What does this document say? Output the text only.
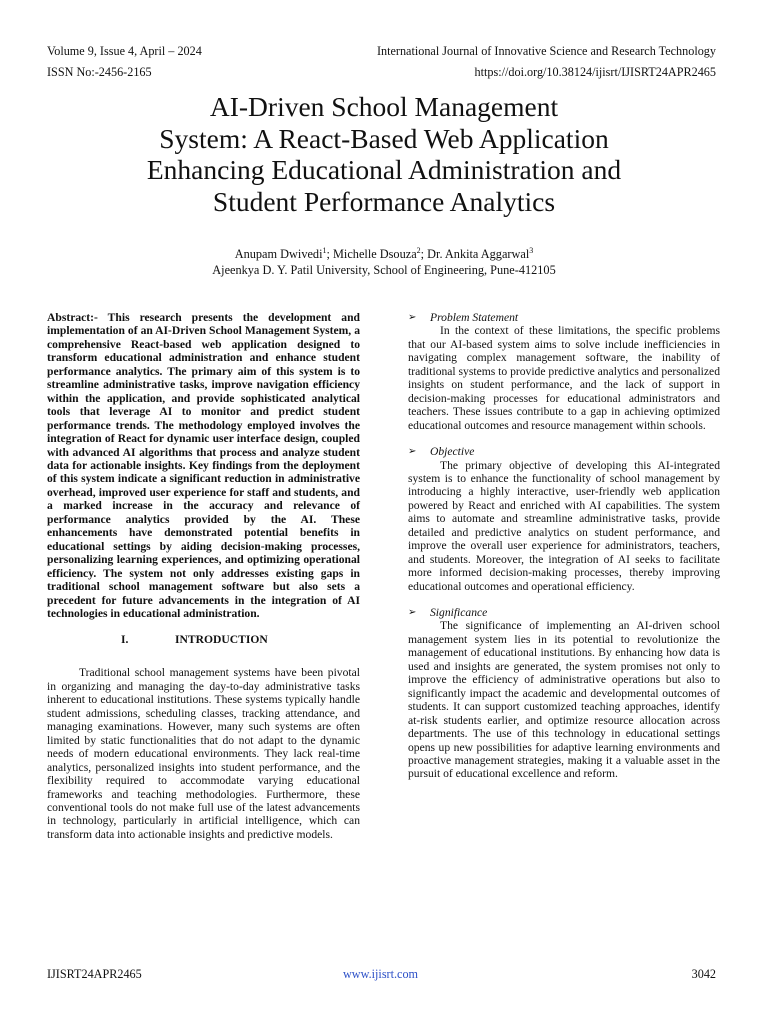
Volume 9, Issue 4, April – 2024	International Journal of Innovative Science and Research Technology
ISSN No:-2456-2165	https://doi.org/10.38124/ijisrt/IJISRT24APR2465
AI-Driven School Management
System: A React-Based Web Application
Enhancing Educational Administration and
Student Performance Analytics
Anupam Dwivedi$^1$; Michelle Dsouza$^2$; Dr. Ankita Aggarwal$^3$
Ajeenkya D. Y. Patil University, School of Engineering, Pune-412105

Abstract:- This research presents the development and implementation of an AI-Driven School Management System, a comprehensive React-based web application designed to transform educational administration and enhance student performance analytics. The primary aim of this system is to streamline administrative tasks, improve navigation efficiency within the application, and provide sophisticated analytical tools that leverage AI to monitor and predict student performance trends. The methodology employed involves the integration of React for dynamic user interface design, coupled with advanced AI algorithms that process and analyze student data for actionable insights. Key findings from the deployment of this system indicate a significant reduction in administrative overhead, improved user experience for staff and students, and a marked increase in the accuracy and relevance of performance analytics provided by the AI. These enhancements have demonstrated potential benefits in educational settings by aiding decision-making processes, personalizing learning experiences, and optimizing operational efficiency. The system not only addresses existing gaps in traditional school management software but also sets a precedent for future advancements in the integration of AI technologies in educational administration.

I.	INTRODUCTION

Traditional school management systems have been pivotal in organizing and managing the day-to-day administrative tasks inherent to educational institutions. These systems typically handle student admissions, scheduling classes, tracking attendance, and managing examinations. However, many such systems are often limited by static functionalities that do not adapt to the dynamic needs of modern educational environments. They lack real-time analytics, personalized insights into student performance, and the flexibility required to accommodate varying educational frameworks and teaching methodologies. Furthermore, these conventional tools do not make full use of the latest advancements in technology, particularly in artificial intelligence, which can transform data into actionable insights and predictive models.

➢ Problem Statement

In the context of these limitations, the specific problems that our AI-based system aims to solve include inefficiencies in navigating complex management software, the inability of traditional systems to provide predictive analytics and personalized insights on student performance, and the lack of support in decision-making processes for educational administrators and teachers. These issues contribute to a gap in achieving optimized educational outcomes and resource management within schools.

➢ Objective

The primary objective of developing this AI-integrated system is to enhance the functionality of school management by introducing a highly interactive, user-friendly web application powered by React and enriched with AI capabilities. The system aims to automate and streamline administrative tasks, provide detailed and predictive analytics on student performance, and improve the overall user experience for administrators, teachers, and students. Moreover, the integration of AI seeks to facilitate more informed decision-making processes, thereby improving educational outcomes and operational efficiency.

➢ Significance

The significance of implementing an AI-driven school management system lies in its potential to revolutionize the management of educational institutions. By enhancing how data is used and insights are generated, the system promises not only to improve the efficiency of administrative operations but also to significantly impact the academic and developmental outcomes of students. It can support customized teaching approaches, identify at-risk students earlier, and optimize resource allocation across departments. The use of this technology in educational settings opens up new possibilities for adaptive learning environments and proactive management strategies, making it a valuable asset in the pursuit of educational excellence and reform.

IJISRT24APR2465	www.ijisrt.com	3042
